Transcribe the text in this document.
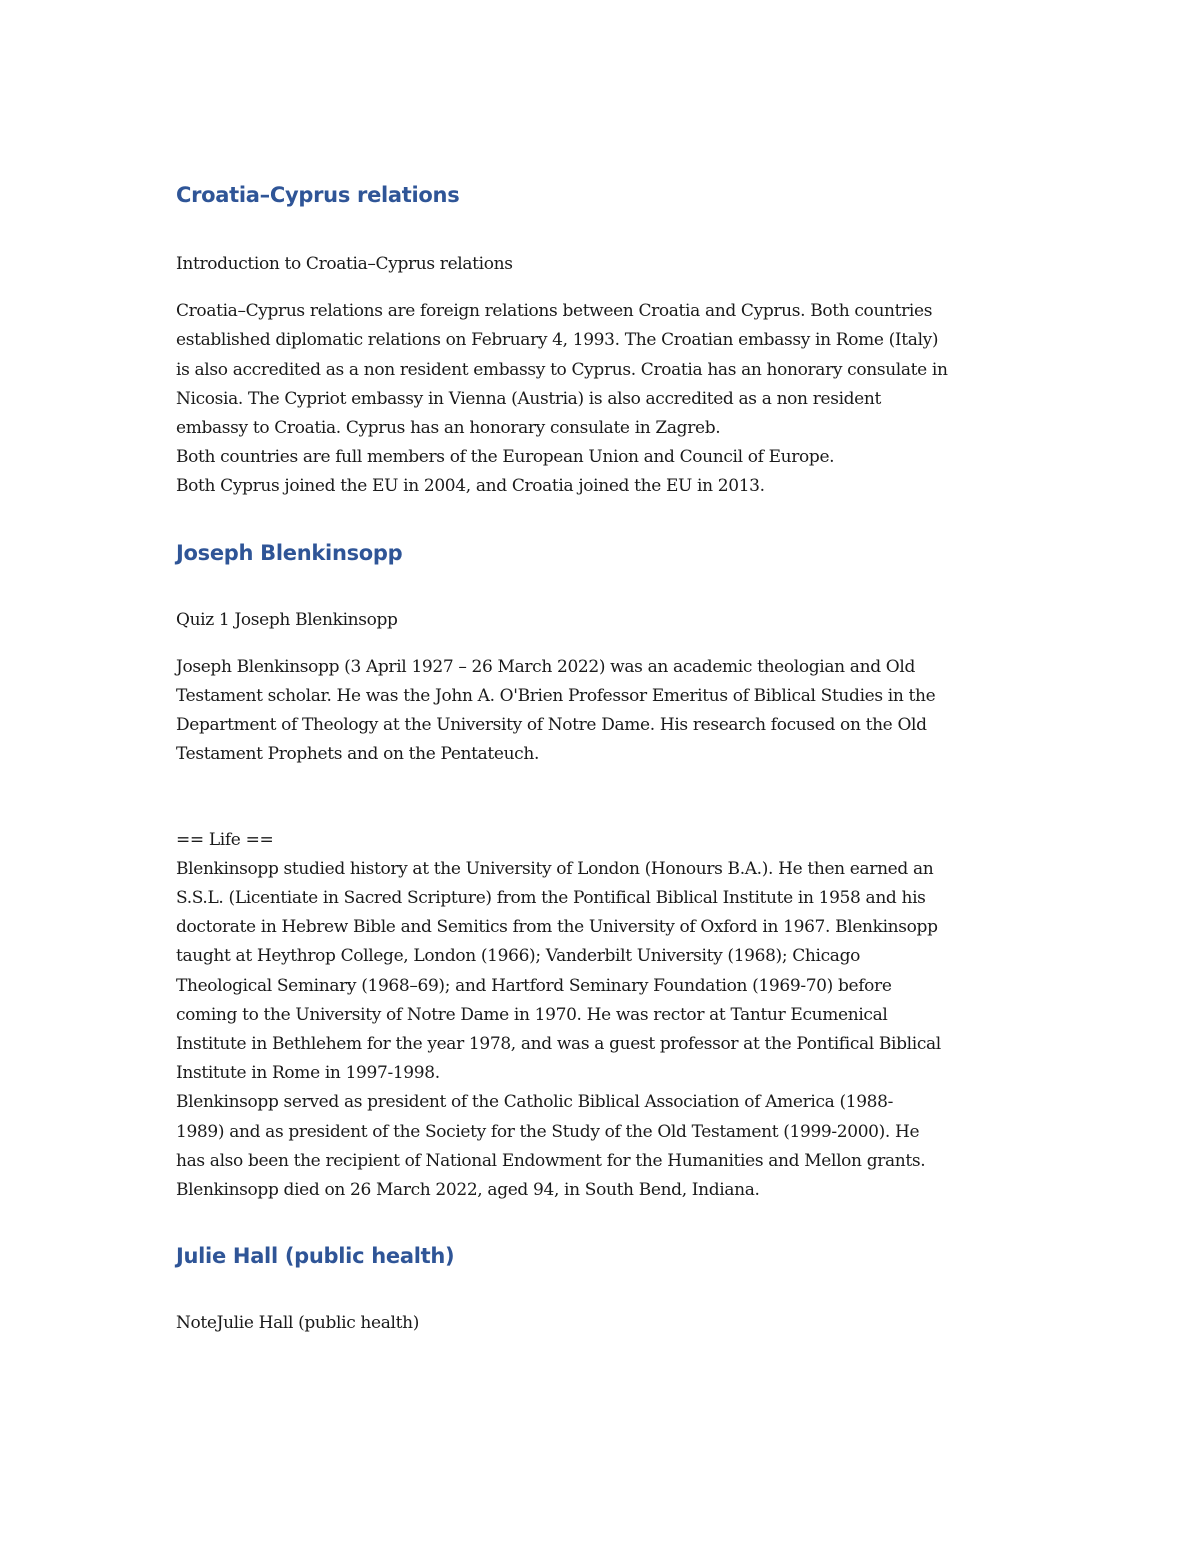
Croatia–Cyprus relations

Introduction to Croatia–Cyprus relations

Croatia–Cyprus relations are foreign relations between Croatia and Cyprus. Both countries
established diplomatic relations on February 4, 1993. The Croatian embassy in Rome (Italy)
is also accredited as a non resident embassy to Cyprus. Croatia has an honorary consulate in
Nicosia. The Cypriot embassy in Vienna (Austria) is also accredited as a non resident
embassy to Croatia. Cyprus has an honorary consulate in Zagreb.
Both countries are full members of the European Union and Council of Europe.
Both Cyprus joined the EU in 2004, and Croatia joined the EU in 2013.
Joseph Blenkinsopp

Quiz 1 Joseph Blenkinsopp

Joseph Blenkinsopp (3 April 1927 – 26 March 2022) was an academic theologian and Old
Testament scholar. He was the John A. O'Brien Professor Emeritus of Biblical Studies in the
Department of Theology at the University of Notre Dame. His research focused on the Old
Testament Prophets and on the Pentateuch.
== Life ==
Blenkinsopp studied history at the University of London (Honours B.A.). He then earned an
S.S.L. (Licentiate in Sacred Scripture) from the Pontifical Biblical Institute in 1958 and his
doctorate in Hebrew Bible and Semitics from the University of Oxford in 1967. Blenkinsopp
taught at Heythrop College, London (1966); Vanderbilt University (1968); Chicago
Theological Seminary (1968–69); and Hartford Seminary Foundation (1969-70) before
coming to the University of Notre Dame in 1970. He was rector at Tantur Ecumenical
Institute in Bethlehem for the year 1978, and was a guest professor at the Pontifical Biblical
Institute in Rome in 1997-1998.
Blenkinsopp served as president of the Catholic Biblical Association of America (1988-
1989) and as president of the Society for the Study of the Old Testament (1999-2000). He
has also been the recipient of National Endowment for the Humanities and Mellon grants.
Blenkinsopp died on 26 March 2022, aged 94, in South Bend, Indiana.
Julie Hall (public health)

NoteJulie Hall (public health)
